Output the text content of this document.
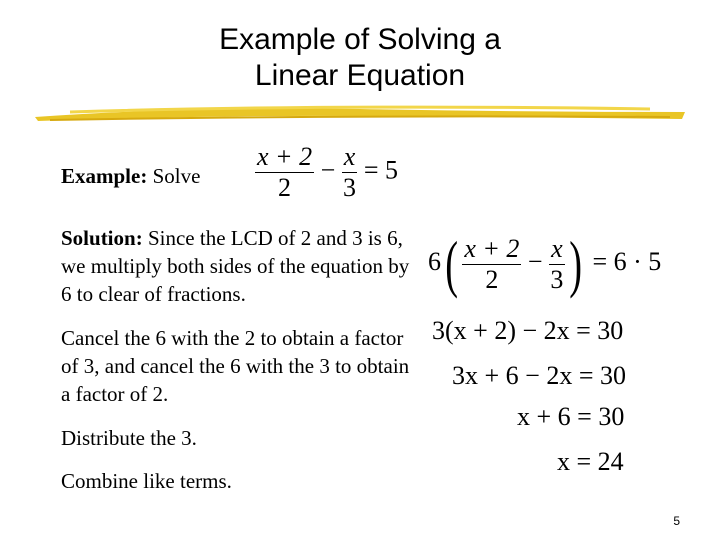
Example of Solving a
Linear Equation
Example: Solve $\frac{x + 2}{2} - \frac{x}{3} = 5$
Solution: Since the LCD of 2 and 3 is 6, we multiply both sides of the equation by 6 to clear of fractions.
$6( \frac{x + 2}{2} - \frac{x}{3}$ ) = 6 · 5
Cancel the 6 with the 2 to obtain a factor of 3, and cancel the 6 with the 3 to obtain a factor of 2.
3(x + 2) − 2x = 30
3x + 6 − 2x = 30
Distribute the 3.
x + 6 = 30
Combine like terms.
x = 24
5
